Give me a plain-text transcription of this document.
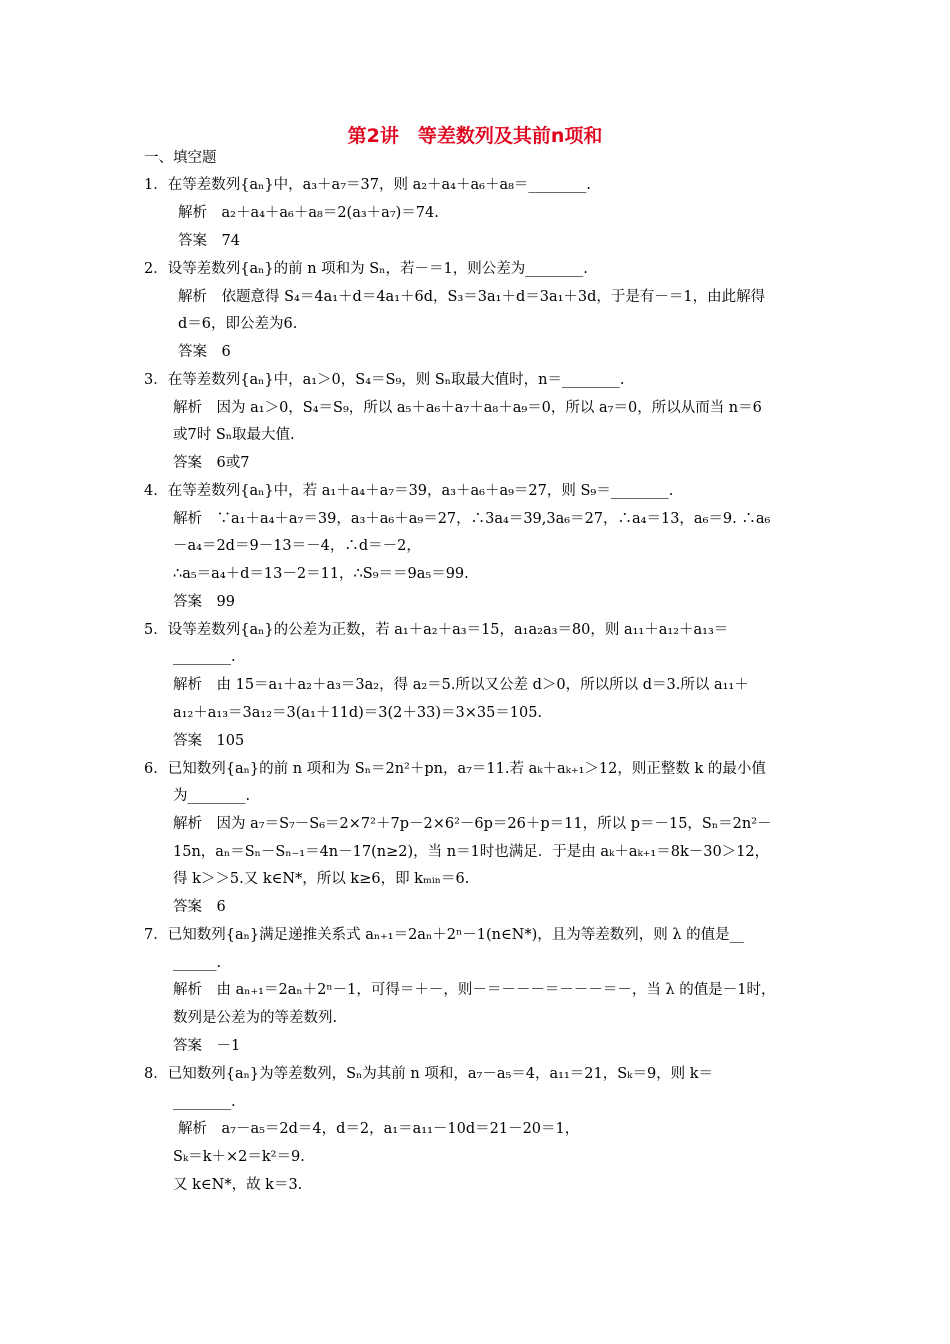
第2讲　等差数列及其前n项和
一、填空题
1．在等差数列{aₙ}中，a₃＋a₇＝37，则 a₂＋a₄＋a₆＋a₈＝________.
解析　a₂＋a₄＋a₆＋a₈＝2(a₃＋a₇)＝74.
答案　74
2．设等差数列{aₙ}的前 n 项和为 Sₙ，若－＝1，则公差为________.
解析　依题意得 S₄＝4a₁＋d＝4a₁＋6d，S₃＝3a₁＋d＝3a₁＋3d，于是有－＝1，由此解得
d＝6，即公差为6.
答案　6
3．在等差数列{aₙ}中，a₁＞0，S₄＝S₉，则 Sₙ取最大值时，n＝________.
解析　因为 a₁＞0，S₄＝S₉，所以 a₅＋a₆＋a₇＋a₈＋a₉＝0，所以 a₇＝0，所以从而当 n＝6
或7时 Sₙ取最大值.
答案　6或7
4．在等差数列{aₙ}中，若 a₁＋a₄＋a₇＝39，a₃＋a₆＋a₉＝27，则 S₉＝________.
解析　∵a₁＋a₄＋a₇＝39，a₃＋a₆＋a₉＝27，∴3a₄＝39,3a₆＝27，∴a₄＝13，a₆＝9. ∴a₆
－a₄＝2d＝9－13＝－4，∴d＝－2，
∴a₅＝a₄＋d＝13－2＝11，∴S₉＝＝9a₅＝99.
答案　99
5．设等差数列{aₙ}的公差为正数，若 a₁＋a₂＋a₃＝15，a₁a₂a₃＝80，则 a₁₁＋a₁₂＋a₁₃＝
________.
解析　由 15＝a₁＋a₂＋a₃＝3a₂，得 a₂＝5.所以又公差 d＞0，所以所以 d＝3.所以 a₁₁＋
a₁₂＋a₁₃＝3a₁₂＝3(a₁＋11d)＝3(2＋33)＝3×35＝105.
答案　105
6．已知数列{aₙ}的前 n 项和为 Sₙ＝2n²＋pn，a₇＝11.若 aₖ＋aₖ₊₁＞12，则正整数 k 的最小值
为________.
解析　因为 a₇＝S₇－S₆＝2×7²＋7p－2×6²－6p＝26＋p＝11，所以 p＝－15，Sₙ＝2n²－
15n，aₙ＝Sₙ－Sₙ₋₁＝4n－17(n≥2)，当 n＝1时也满足．于是由 aₖ＋aₖ₊₁＝8k－30＞12，
得 k＞＞5.又 k∈N*，所以 k≥6，即 kₘᵢₙ＝6.
答案　6
7．已知数列{aₙ}满足递推关系式 aₙ₊₁＝2aₙ＋2ⁿ－1(n∈N*)，且为等差数列，则 λ 的值是__
______.
解析　由 aₙ₊₁＝2aₙ＋2ⁿ－1，可得＝＋－，则－＝－－－＝－－－＝－，当 λ 的值是－1时，
数列是公差为的等差数列.
答案　－1
8．已知数列{aₙ}为等差数列，Sₙ为其前 n 项和，a₇－a₅＝4，a₁₁＝21，Sₖ＝9，则 k＝
________.
解析　a₇－a₅＝2d＝4，d＝2，a₁＝a₁₁－10d＝21－20＝1，
Sₖ＝k＋×2＝k²＝9.
又 k∈N*，故 k＝3.
